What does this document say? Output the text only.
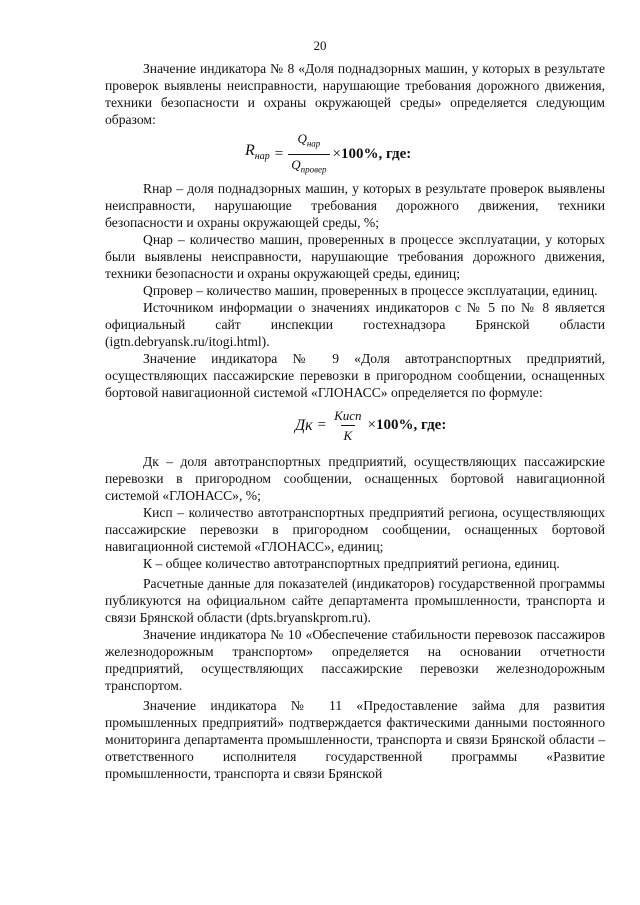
20

Значение индикатора № 8 «Доля поднадзорных машин, у которых в результате проверок выявлены неисправности, нарушающие требования дорожного движения, техники безопасности и охраны окружающей среды» определяется следующим образом:

$R_{нар} = \frac{Q_{нар}}{Q_{провер}} \times 100\%$, где:

Rнар – доля поднадзорных машин, у которых в результате проверок выявлены неисправности, нарушающие требования дорожного движения, техники безопасности и охраны окружающей среды, %;

Qнар – количество машин, проверенных в процессе эксплуатации, у которых были выявлены неисправности, нарушающие требования дорожного движения, техники безопасности и охраны окружающей среды, единиц;

Qпровер – количество машин, проверенных в процессе эксплуатации, единиц.

Источником информации о значениях индикаторов с № 5 по № 8 является официальный сайт инспекции гостехнадзора Брянской области (igtn.debryansk.ru/itogi.html).

Значение индикатора № 9 «Доля автотранспортных предприятий, осуществляющих пассажирские перевозки в пригородном сообщении, оснащенных бортовой навигационной системой «ГЛОНАСС» определяется по формуле:

Дк = $\frac{\text{Кисп}}{К} \times 100\%$, где:

Дк – доля автотранспортных предприятий, осуществляющих пассажирские перевозки в пригородном сообщении, оснащенных бортовой навигационной системой «ГЛОНАСС», %;

Кисп – количество автотранспортных предприятий региона, осуществляющих пассажирские перевозки в пригородном сообщении, оснащенных бортовой навигационной системой «ГЛОНАСС», единиц;

К – общее количество автотранспортных предприятий региона, единиц.

Расчетные данные для показателей (индикаторов) государственной программы публикуются на официальном сайте департамента промышленности, транспорта и связи Брянской области (dpts.bryanskprom.ru).

Значение индикатора № 10 «Обеспечение стабильности перевозок пассажиров железнодорожным транспортом» определяется на основании отчетности предприятий, осуществляющих пассажирские перевозки железнодорожным транспортом.

Значение индикатора № 11 «Предоставление займа для развития промышленных предприятий» подтверждается фактическими данными постоянного мониторинга департамента промышленности, транспорта и связи Брянской области – ответственного исполнителя государственной программы «Развитие промышленности, транспорта и связи Брянской
